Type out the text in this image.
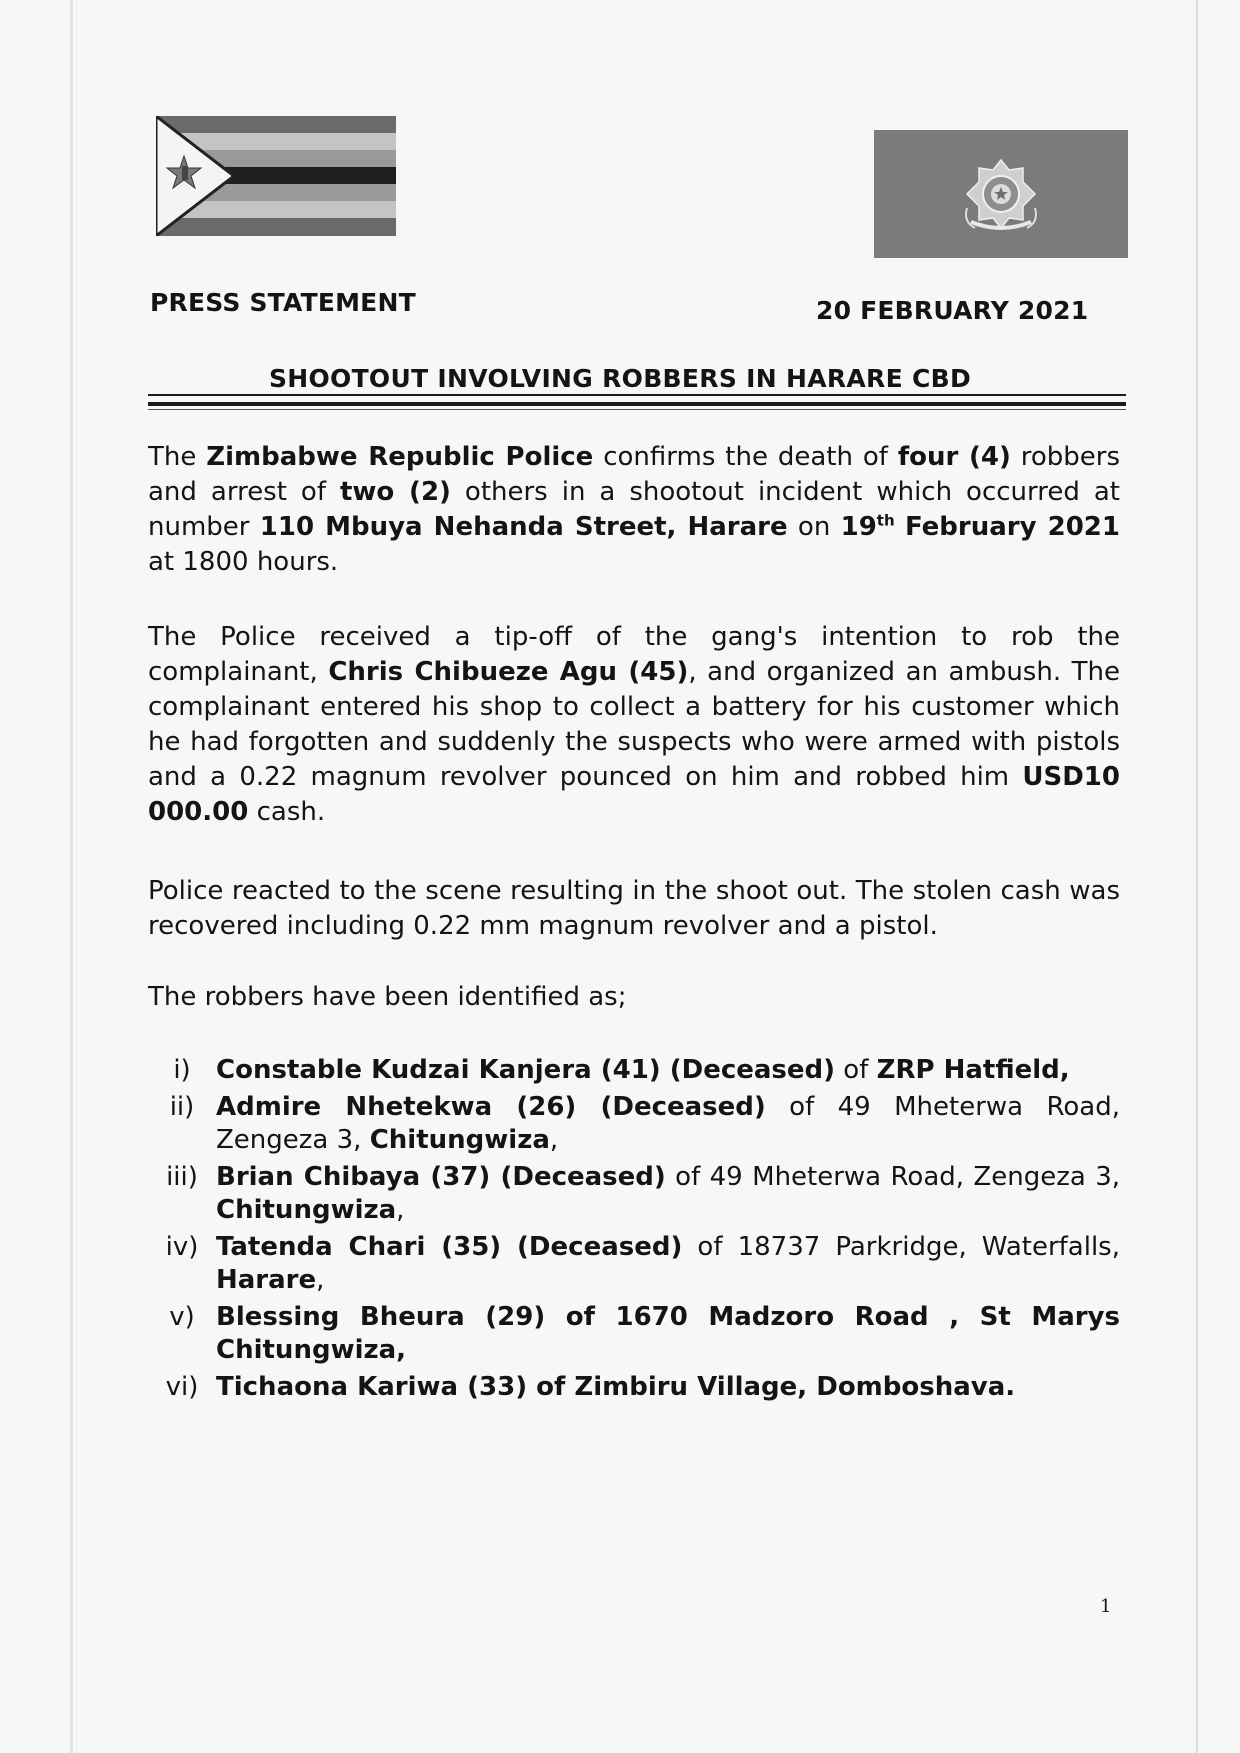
PRESS STATEMENT	20 FEBRUARY 2021
SHOOTOUT INVOLVING ROBBERS IN HARARE CBD
The Zimbabwe Republic Police confirms the death of four (4) robbers and arrest of two (2) others in a shootout incident which occurred at number 110 Mbuya Nehanda Street, Harare on 19th February 2021 at 1800 hours.
The Police received a tip-off of the gang's intention to rob the complainant, Chris Chibueze Agu (45), and organized an ambush. The complainant entered his shop to collect a battery for his customer which he had forgotten and suddenly the suspects who were armed with pistols and a 0.22 magnum revolver pounced on him and robbed him USD10 000.00 cash.
Police reacted to the scene resulting in the shoot out. The stolen cash was recovered including 0.22 mm magnum revolver and a pistol.
The robbers have been identified as;
i) Constable Kudzai Kanjera (41) (Deceased) of ZRP Hatfield,
ii) Admire Nhetekwa (26) (Deceased) of 49 Mheterwa Road, Zengeza 3, Chitungwiza,
iii) Brian Chibaya (37) (Deceased) of 49 Mheterwa Road, Zengeza 3, Chitungwiza,
iv) Tatenda Chari (35) (Deceased) of 18737 Parkridge, Waterfalls, Harare,
v) Blessing Bheura (29) of 1670 Madzoro Road , St Marys Chitungwiza,
vi) Tichaona Kariwa (33) of Zimbiru Village, Domboshava.
1
